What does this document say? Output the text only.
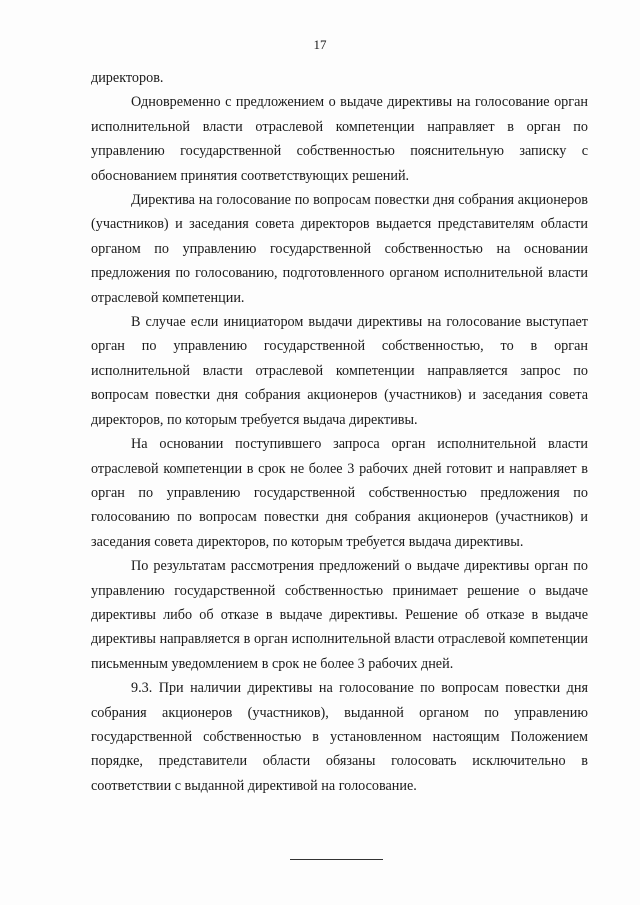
17

директоров.

Одновременно с предложением о выдаче директивы на голосование орган исполнительной власти отраслевой компетенции направляет в орган по управлению государственной собственностью пояснительную записку с обоснованием принятия соответствующих решений.

Директива на голосование по вопросам повестки дня собрания акционеров (участников) и заседания совета директоров выдается представителям области органом по управлению государственной собственностью на основании предложения по голосованию, подготовленного органом исполнительной власти отраслевой компетенции.

В случае если инициатором выдачи директивы на голосование выступает орган по управлению государственной собственностью, то в орган исполнительной власти отраслевой компетенции направляется запрос по вопросам повестки дня собрания акционеров (участников) и заседания совета директоров, по которым требуется выдача директивы.

На основании поступившего запроса орган исполнительной власти отраслевой компетенции в срок не более 3 рабочих дней готовит и направляет в орган по управлению государственной собственностью предложения по голосованию по вопросам повестки дня собрания акционеров (участников) и заседания совета директоров, по которым требуется выдача директивы.

По результатам рассмотрения предложений о выдаче директивы орган по управлению государственной собственностью принимает решение о выдаче директивы либо об отказе в выдаче директивы. Решение об отказе в выдаче директивы направляется в орган исполнительной власти отраслевой компетенции письменным уведомлением в срок не более 3 рабочих дней.

9.3. При наличии директивы на голосование по вопросам повестки дня собрания акционеров (участников), выданной органом по управлению государственной собственностью в установленном настоящим Положением порядке, представители области обязаны голосовать исключительно в соответствии с выданной директивой на голосование.
